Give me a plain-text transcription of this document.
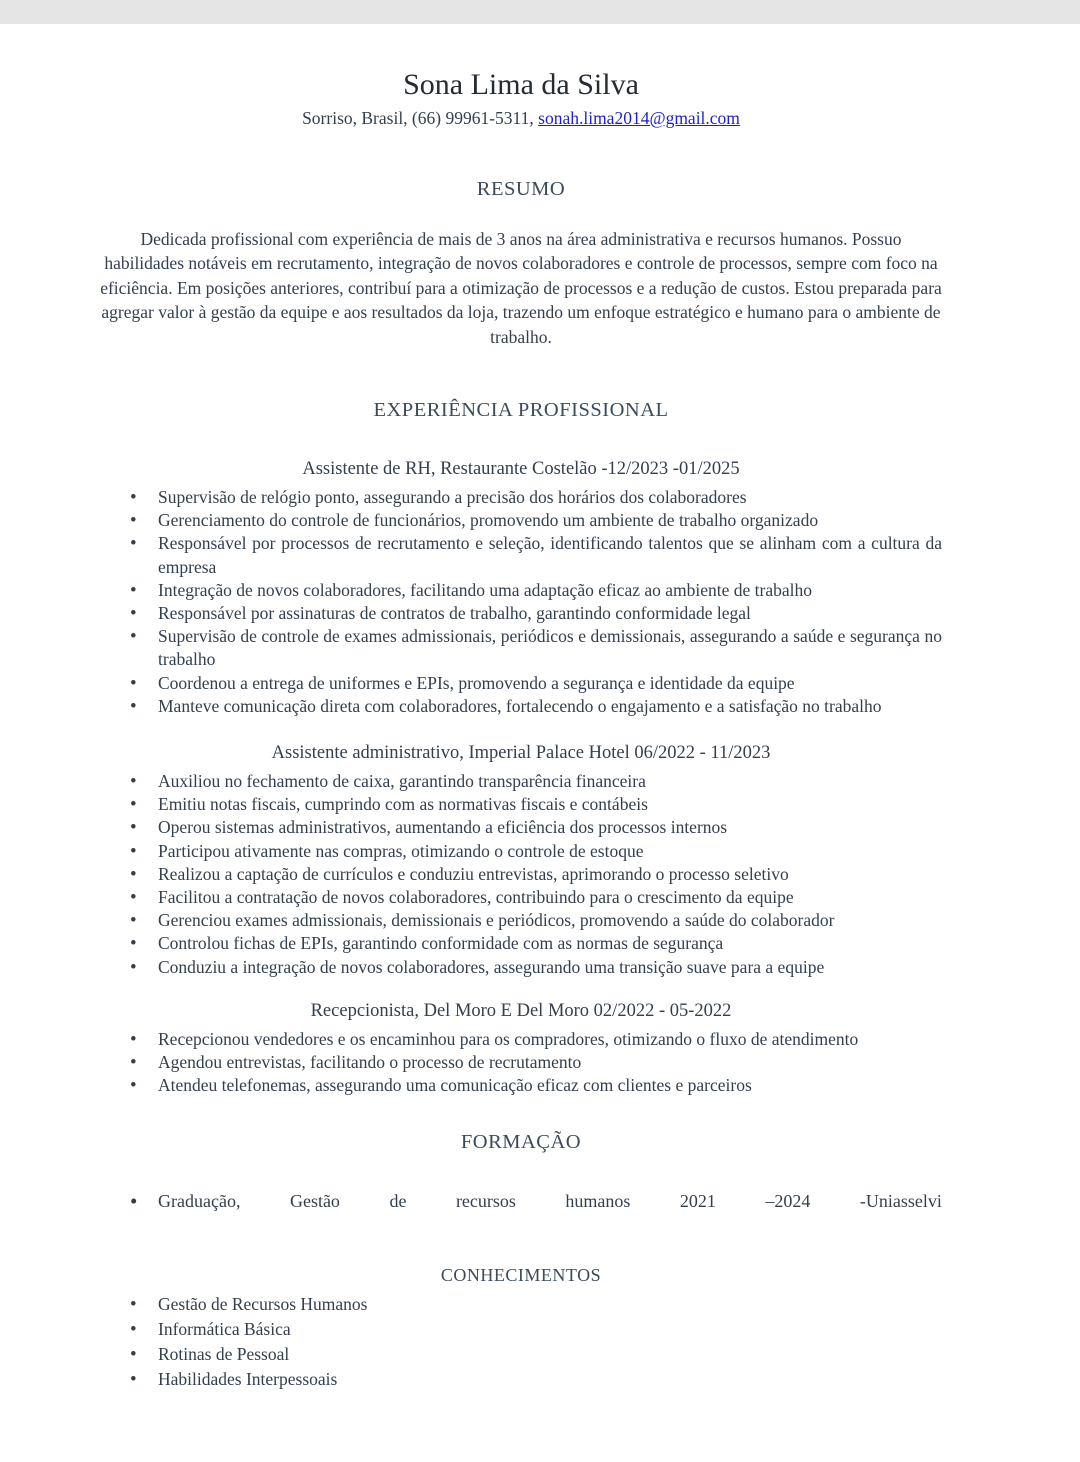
Sona Lima da Silva
Sorriso, Brasil, (66) 99961-5311, sonah.lima2014@gmail.com
RESUMO

Dedicada profissional com experiência de mais de 3 anos na área administrativa e recursos humanos. Possuo habilidades notáveis em recrutamento, integração de novos colaboradores e controle de processos, sempre com foco na eficiência. Em posições anteriores, contribuí para a otimização de processos e a redução de custos. Estou preparada para agregar valor à gestão da equipe e aos resultados da loja, trazendo um enfoque estratégico e humano para o ambiente de trabalho.

EXPERIÊNCIA PROFISSIONAL
Assistente de RH, Restaurante Costelão -12/2023 -01/2025
• Supervisão de relógio ponto, assegurando a precisão dos horários dos colaboradores
• Gerenciamento do controle de funcionários, promovendo um ambiente de trabalho organizado
• Responsável por processos de recrutamento e seleção, identificando talentos que se alinham com a cultura da empresa
• Integração de novos colaboradores, facilitando uma adaptação eficaz ao ambiente de trabalho
• Responsável por assinaturas de contratos de trabalho, garantindo conformidade legal
• Supervisão de controle de exames admissionais, periódicos e demissionais, assegurando a saúde e segurança no trabalho
• Coordenou a entrega de uniformes e EPIs, promovendo a segurança e identidade da equipe
• Manteve comunicação direta com colaboradores, fortalecendo o engajamento e a satisfação no trabalho
Assistente administrativo, Imperial Palace Hotel 06/2022 - 11/2023
• Auxiliou no fechamento de caixa, garantindo transparência financeira
• Emitiu notas fiscais, cumprindo com as normativas fiscais e contábeis
• Operou sistemas administrativos, aumentando a eficiência dos processos internos
• Participou ativamente nas compras, otimizando o controle de estoque
• Realizou a captação de currículos e conduziu entrevistas, aprimorando o processo seletivo
• Facilitou a contratação de novos colaboradores, contribuindo para o crescimento da equipe
• Gerenciou exames admissionais, demissionais e periódicos, promovendo a saúde do colaborador
• Controlou fichas de EPIs, garantindo conformidade com as normas de segurança
• Conduziu a integração de novos colaboradores, assegurando uma transição suave para a equipe
Recepcionista, Del Moro E Del Moro 02/2022 - 05-2022
• Recepcionou vendedores e os encaminhou para os compradores, otimizando o fluxo de atendimento
• Agendou entrevistas, facilitando o processo de recrutamento
• Atendeu telefonemas, assegurando uma comunicação eficaz com clientes e parceiros
FORMAÇÃO
• Graduação,	Gestão	de	recursos	humanos	2021	–2024	-Uniasselvi
CONHECIMENTOS
• Gestão de Recursos Humanos
• Informática Básica
• Rotinas de Pessoal
• Habilidades Interpessoais
